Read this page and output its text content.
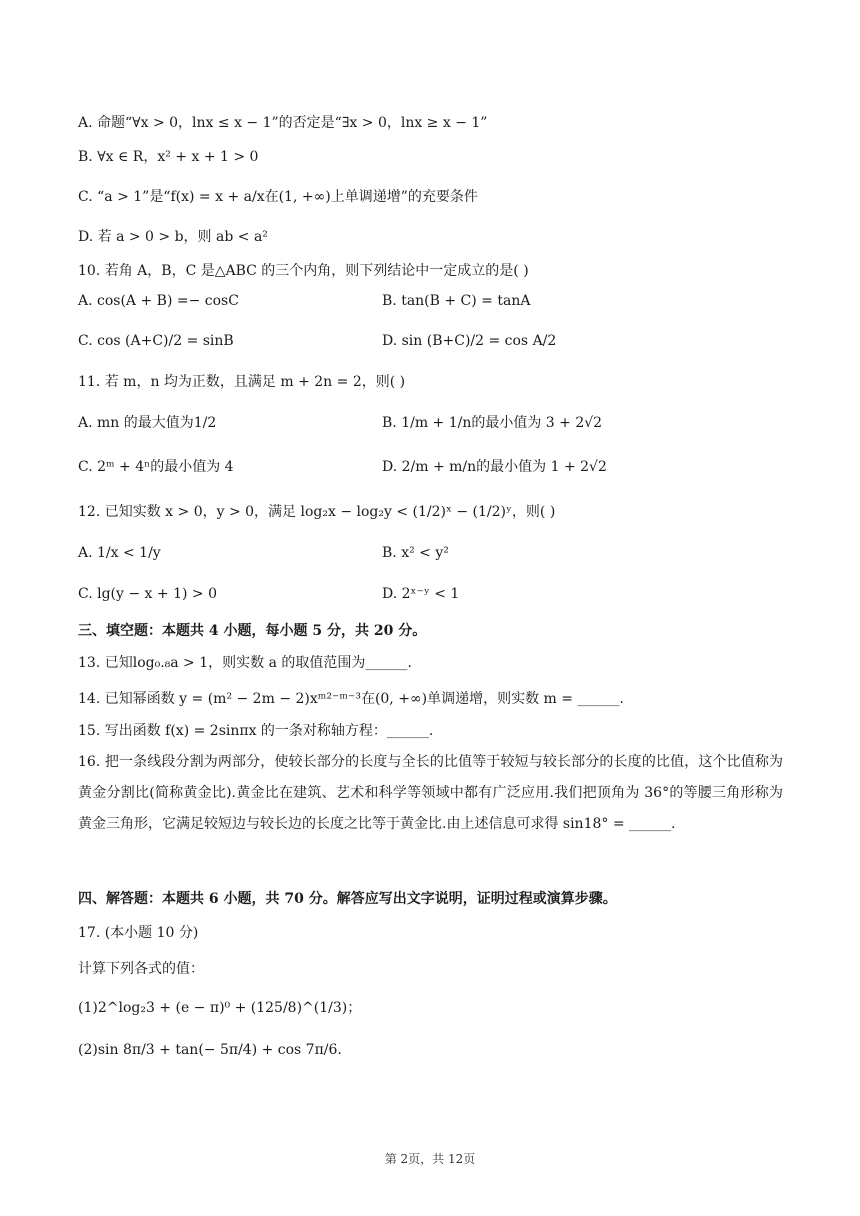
A. 命题“∀x > 0，lnx ≤ x − 1”的否定是“∃x > 0，lnx ≥ x − 1”
B. ∀x ∈ R，x² + x + 1 > 0
C. “a > 1”是“f(x) = x + a/x在(1, +∞)上单调递增”的充要条件
D. 若 a > 0 > b，则 ab < a²
10. 若角 A，B，C 是△ABC 的三个内角，则下列结论中一定成立的是( )
A. cos(A + B) =− cosC	B. tan(B + C) = tanA
C. cos (A+C)/2 = sinB	D. sin (B+C)/2 = cos A/2
11. 若 m，n 均为正数，且满足 m + 2n = 2，则( )
A. mn 的最大值为1/2	B. 1/m + 1/n的最小值为 3 + 2√2
C. 2ᵐ + 4ⁿ的最小值为 4	D. 2/m + m/n的最小值为 1 + 2√2
12. 已知实数 x > 0，y > 0，满足 log₂x − log₂y < (1/2)ˣ − (1/2)ʸ，则( )
A. 1/x < 1/y	B. x² < y²
C. lg(y − x + 1) > 0	D. 2ˣ⁻ʸ < 1
三、填空题：本题共 4 小题，每小题 5 分，共 20 分。
13. 已知log₀.₈a > 1，则实数 a 的取值范围为______.
14. 已知幂函数 y = (m² − 2m − 2)xᵐ²⁻ᵐ⁻³在(0, +∞)单调递增，则实数 m = ______.
15. 写出函数 f(x) = 2sinπx 的一条对称轴方程：______.
16. 把一条线段分割为两部分，使较长部分的长度与全长的比值等于较短与较长部分的长度的比值，这个比值称为黄金分割比(简称黄金比).黄金比在建筑、艺术和科学等领域中都有广泛应用.我们把顶角为 36°的等腰三角形称为黄金三角形，它满足较短边与较长边的长度之比等于黄金比.由上述信息可求得 sin18° = ______.
四、解答题：本题共 6 小题，共 70 分。解答应写出文字说明，证明过程或演算步骤。
17. (本小题 10 分)
计算下列各式的值：
(1)2^log₂3 + (e − π)⁰ + (125/8)^(1/3)；
(2)sin 8π/3 + tan(− 5π/4) + cos 7π/6.
第 2页，共 12页
